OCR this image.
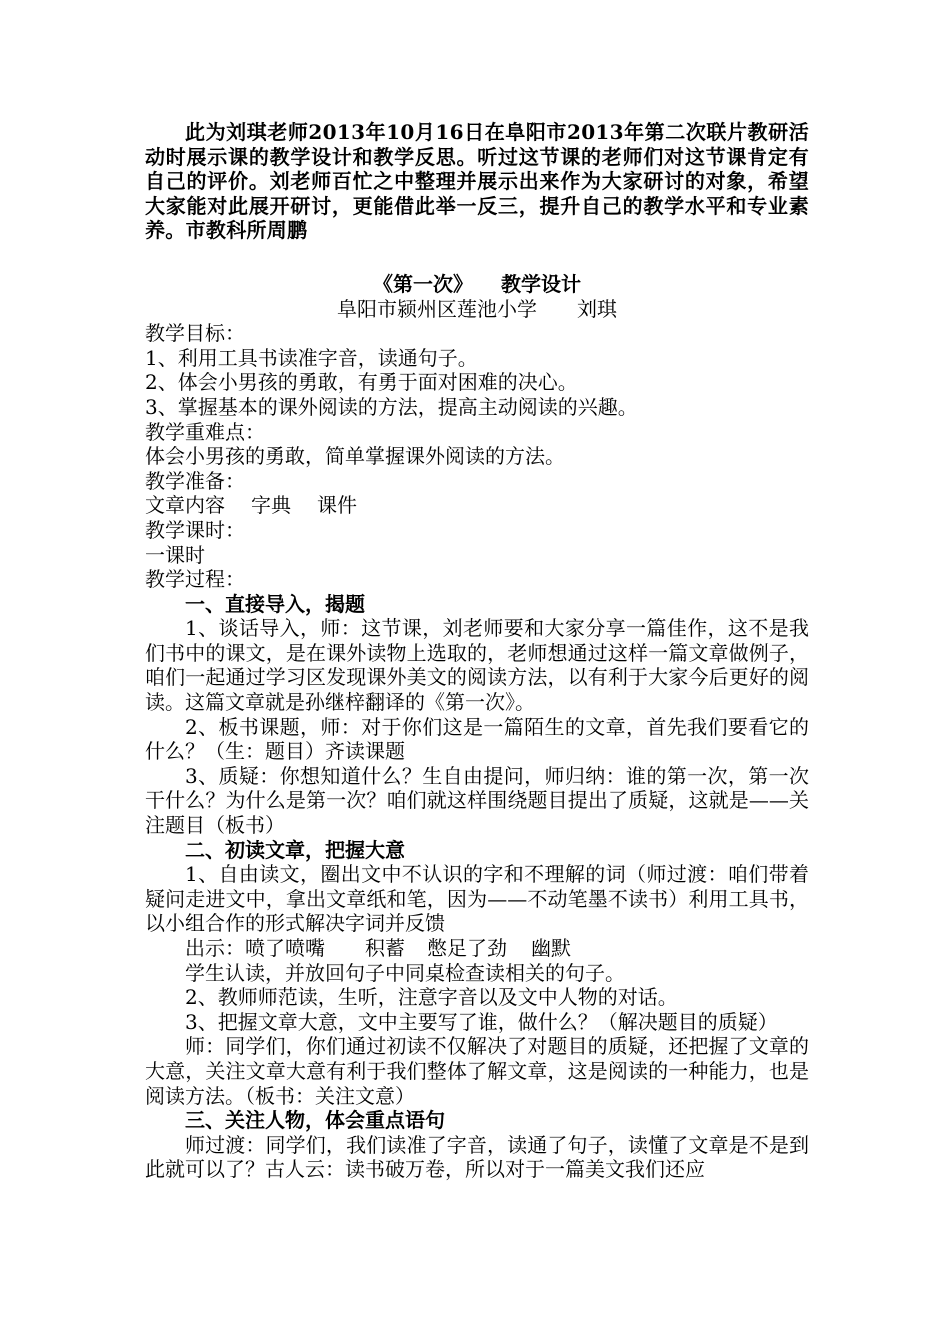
此为刘琪老师2013年10月16日在阜阳市2013年第二次联片教研活动时展示课的教学设计和教学反思。听过这节课的老师们对这节课肯定有自己的评价。刘老师百忙之中整理并展示出来作为大家研讨的对象，希望大家能对此展开研讨，更能借此举一反三，提升自己的教学水平和专业素养。市教科所周鹏

《第一次》 教学设计

阜阳市颍州区莲池小学 刘琪

教学目标：

1、利用工具书读准字音，读通句子。

2、体会小男孩的勇敢，有勇于面对困难的决心。

3、掌握基本的课外阅读的方法，提高主动阅读的兴趣。

教学重难点：

体会小男孩的勇敢，简单掌握课外阅读的方法。

教学准备：

文章内容 字典 课件

教学课时：

一课时

教学过程：

一、直接导入，揭题

1、谈话导入，师：这节课，刘老师要和大家分享一篇佳作，这不是我们书中的课文，是在课外读物上选取的，老师想通过这样一篇文章做例子，咱们一起通过学习区发现课外美文的阅读方法，以有利于大家今后更好的阅读。这篇文章就是孙继梓翻译的《第一次》。

2、板书课题，师：对于你们这是一篇陌生的文章，首先我们要看它的什么？（生：题目）齐读课题

3、质疑：你想知道什么？生自由提问，师归纳：谁的第一次，第一次干什么？为什么是第一次？咱们就这样围绕题目提出了质疑，这就是——关注题目（板书）

二、初读文章，把握大意

1、自由读文，圈出文中不认识的字和不理解的词（师过渡：咱们带着疑问走进文中，拿出文章纸和笔，因为——不动笔墨不读书）利用工具书，以小组合作的形式解决字词并反馈

出示：喷了喷嘴 积蓄 憋足了劲 幽默

学生认读，并放回句子中同桌检查读相关的句子。

2、教师师范读，生听，注意字音以及文中人物的对话。

3、把握文章大意，文中主要写了谁，做什么？（解决题目的质疑）

师：同学们，你们通过初读不仅解决了对题目的质疑，还把握了文章的大意，关注文章大意有利于我们整体了解文章，这是阅读的一种能力，也是阅读方法。（板书：关注文意）

三、关注人物，体会重点语句

师过渡：同学们，我们读准了字音，读通了句子，读懂了文章是不是到此就可以了？古人云：读书破万卷，所以对于一篇美文我们还应
